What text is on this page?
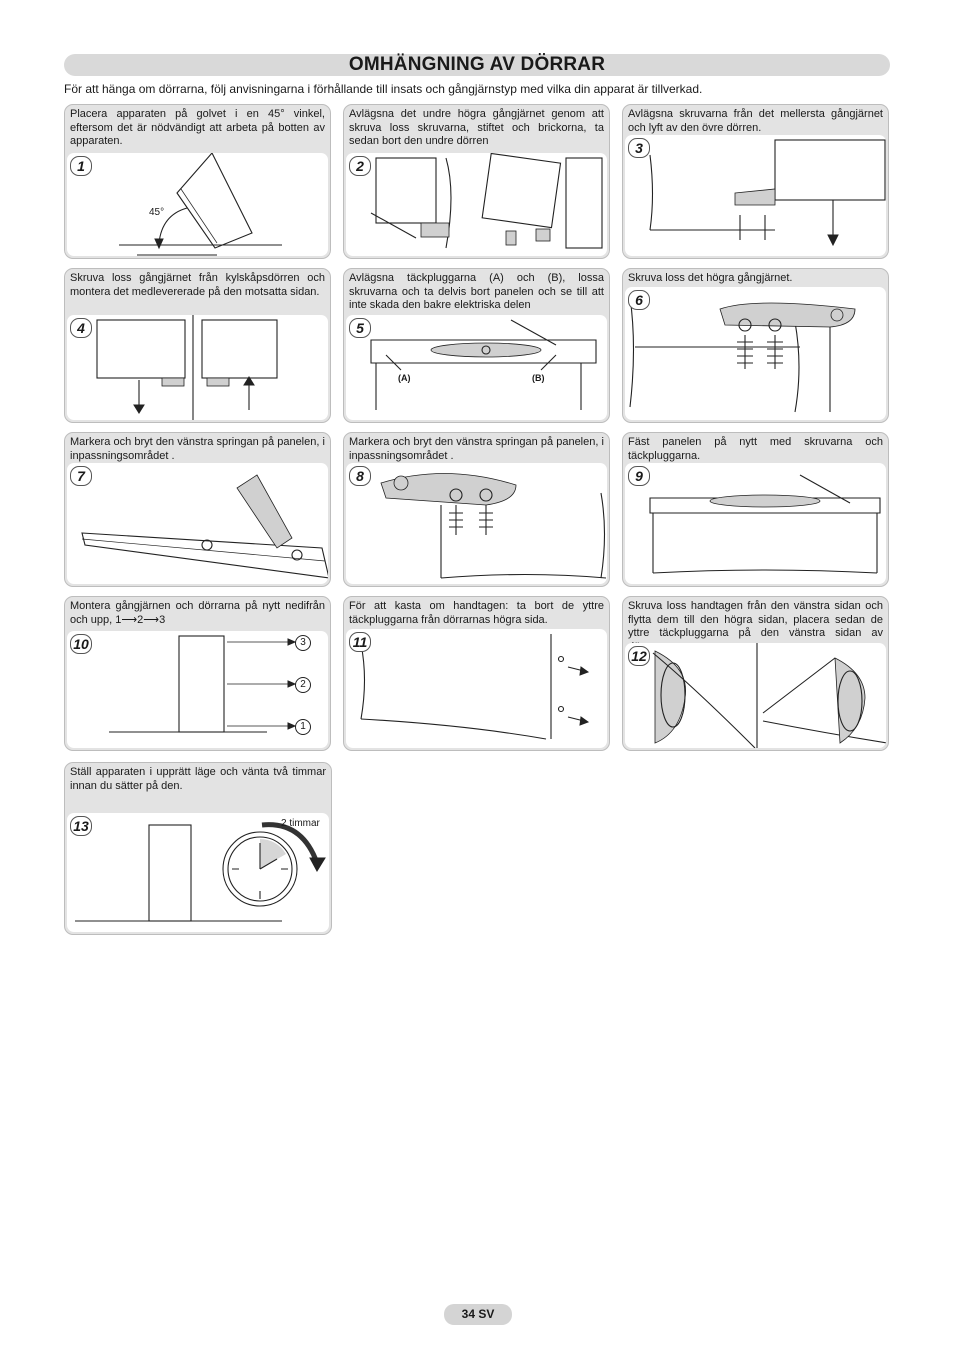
OMHÄNGNING AV DÖRRAR
För att hänga om dörrarna, följ anvisningarna i förhållande till insats och gångjärnstyp med vilka din apparat är tillverkad.
Placera apparaten på golvet i en 45° vinkel, eftersom det är nödvändigt att arbeta på botten av apparaten.
1
45°
Avlägsna det undre högra gångjärnet genom att skruva loss skruvarna, stiftet och brickorna, ta sedan bort den undre dörren
2
Avlägsna skruvarna från det mellersta gångjärnet och lyft av den övre dörren.
3
Skruva loss gångjärnet från kylskåpsdörren och montera det medlevererade på den motsatta sidan.
4
Avlägsna täckpluggarna (A) och (B), lossa skruvarna och ta delvis bort panelen och se till att inte skada den bakre elektriska delen
5
(A)	(B)
Skruva loss det högra gångjärnet.
6
Markera och bryt den vänstra springan på panelen, i inpassningsområdet .
7
Markera och bryt den vänstra springan på panelen, i inpassningsområdet .
8
Fäst panelen på nytt med skruvarna och täckpluggarna.
9
Montera gångjärnen och dörrarna på nytt nedifrån och upp, 1⟶2⟶3
10	3
2
1
För att kasta om handtagen: ta bort de yttre täckpluggarna från dörrarnas högra sida.
11
Skruva loss handtagen från den vänstra sidan och flytta dem till den högra sidan, placera sedan de yttre täckpluggarna på den vänstra sidan av
12
Ställ apparaten i upprätt läge och vänta två timmar innan du sätter på den.
13	2 timmar
34 SV
